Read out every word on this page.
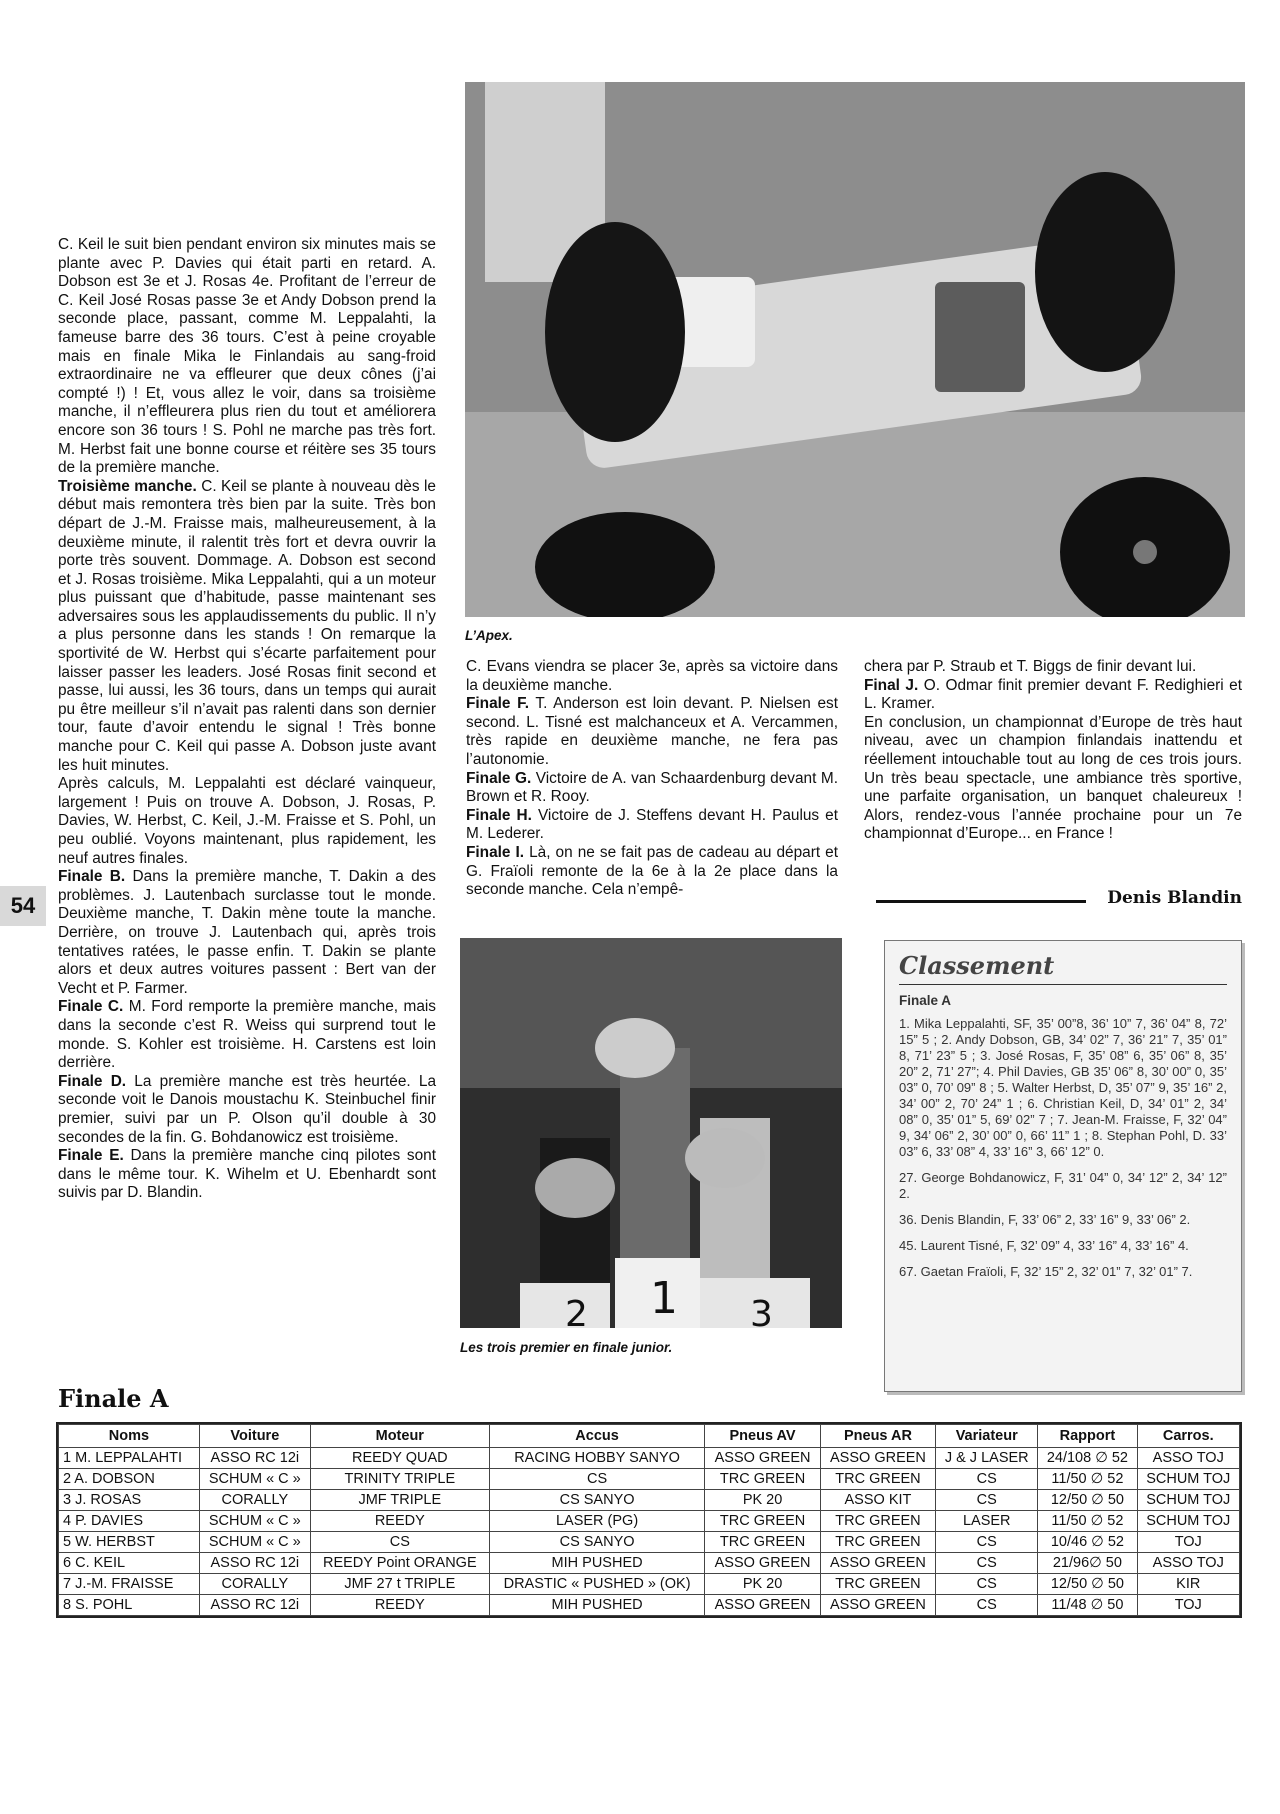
C. Keil le suit bien pendant environ six minutes mais se plante avec P. Davies qui était parti en retard. A. Dobson est 3e et J. Rosas 4e. Profitant de l’erreur de C. Keil José Rosas passe 3e et Andy Dobson prend la seconde place, passant, comme M. Leppalahti, la fameuse barre des 36 tours. C’est à peine croyable mais en finale Mika le Finlandais au sang-froid extraordinaire ne va effleurer que deux cônes (j’ai compté !) ! Et, vous allez le voir, dans sa troisième manche, il n’effleurera plus rien du tout et améliorera encore son 36 tours ! S. Pohl ne marche pas très fort. M. Herbst fait une bonne course et réitère ses 35 tours de la première manche.

Troisième manche. C. Keil se plante à nouveau dès le début mais remontera très bien par la suite. Très bon départ de J.-M. Fraisse mais, malheureusement, à la deuxième minute, il ralentit très fort et devra ouvrir la porte très souvent. Dommage. A. Dobson est second et J. Rosas troisième. Mika Leppalahti, qui a un moteur plus puissant que d’habitude, passe maintenant ses adversaires sous les applaudissements du public. Il n’y a plus personne dans les stands ! On remarque la sportivité de W. Herbst qui s’écarte parfaitement pour laisser passer les leaders. José Rosas finit second et passe, lui aussi, les 36 tours, dans un temps qui aurait pu être meilleur s’il n’avait pas ralenti dans son dernier tour, faute d’avoir entendu le signal ! Très bonne manche pour C. Keil qui passe A. Dobson juste avant les huit minutes.

Après calculs, M. Leppalahti est déclaré vainqueur, largement ! Puis on trouve A. Dobson, J. Rosas, P. Davies, W. Herbst, C. Keil, J.-M. Fraisse et S. Pohl, un peu oublié. Voyons maintenant, plus rapidement, les neuf autres finales.

Finale B. Dans la première manche, T. Dakin a des problèmes. J. Lautenbach surclasse tout le monde. Deuxième manche, T. Dakin mène toute la manche. Derrière, on trouve J. Lautenbach qui, après trois tentatives ratées, le passe enfin. T. Dakin se plante alors et deux autres voitures passent : Bert van der Vecht et P. Farmer.

Finale C. M. Ford remporte la première manche, mais dans la seconde c’est R. Weiss qui surprend tout le monde. S. Kohler est troisième. H. Carstens est loin derrière.

Finale D. La première manche est très heurtée. La seconde voit le Danois moustachu K. Steinbuchel finir premier, suivi par un P. Olson qu’il double à 30 secondes de la fin. G. Bohdanowicz est troisième.

Finale E. Dans la première manche cinq pilotes sont dans le même tour. K. Wihelm et U. Ebenhardt sont suivis par D. Blandin.

L’Apex.
54

C. Evans viendra se placer 3e, après sa victoire dans la deuxième manche.

Finale F. T. Anderson est loin devant. P. Nielsen est second. L. Tisné est malchanceux et A. Vercammen, très rapide en deuxième manche, ne fera pas l’autonomie.

Finale G. Victoire de A. van Schaardenburg devant M. Brown et R. Rooy.

Finale H. Victoire de J. Steffens devant H. Paulus et M. Lederer.

Finale I. Là, on ne se fait pas de cadeau au départ et G. Fraïoli remonte de la 6e à la 2e place dans la seconde manche. Cela n’empê-

chera par P. Straub et T. Biggs de finir devant lui.

Final J. O. Odmar finit premier devant F. Redighieri et L. Kramer.

En conclusion, un championnat d’Europe de très haut niveau, avec un champion finlandais inattendu et réellement intouchable tout au long de ces trois jours. Un très beau spectacle, une ambiance très sportive, une parfaite organisation, un banquet chaleureux ! Alors, rendez-vous l’année prochaine pour un 7e championnat d’Europe... en France !

Denis Blandin
2 1 3
Les trois premier en finale junior.
Classement
Finale A
1. Mika Leppalahti, SF, 35’ 00”8, 36’ 10” 7, 36’ 04” 8, 72’ 15” 5 ; 2. Andy Dobson, GB, 34’ 02” 7, 36’ 21” 7, 35’ 01” 8, 71’ 23” 5 ; 3. José Rosas, F, 35’ 08” 6, 35’ 06” 8, 35’ 20” 2, 71’ 27”; 4. Phil Davies, GB 35’ 06” 8, 30’ 00” 0, 35’ 03” 0, 70’ 09” 8 ; 5. Walter Herbst, D, 35’ 07” 9, 35’ 16” 2, 34’ 00” 2, 70’ 24” 1 ; 6. Christian Keil, D, 34’ 01” 2, 34’ 08” 0, 35’ 01” 5, 69’ 02” 7 ; 7. Jean-M. Fraisse, F, 32’ 04” 9, 34’ 06” 2, 30’ 00” 0, 66’ 11” 1 ; 8. Stephan Pohl, D. 33’ 03” 6, 33’ 08” 4, 33’ 16” 3, 66’ 12” 0.
27. George Bohdanowicz, F, 31’ 04” 0, 34’ 12” 2, 34’ 12” 2.
36. Denis Blandin, F, 33’ 06” 2, 33’ 16” 9, 33’ 06” 2.
45. Laurent Tisné, F, 32’ 09” 4, 33’ 16” 4, 33’ 16” 4.
67. Gaetan Fraïoli, F, 32’ 15” 2, 32’ 01” 7, 32’ 01” 7.
Finale A
Noms	Voiture	Moteur	Accus	Pneus AV	Pneus AR	Variateur	Rapport	Carros.
1 M. LEPPALAHTI	ASSO RC 12i	REEDY QUAD	RACING HOBBY SANYO	ASSO GREEN	ASSO GREEN	J & J LASER	24/108 ∅ 52	ASSO TOJ
2 A. DOBSON	SCHUM « C »	TRINITY TRIPLE	CS	TRC GREEN	TRC GREEN	CS	11/50 ∅ 52	SCHUM TOJ
3 J. ROSAS	CORALLY	JMF TRIPLE	CS SANYO	PK 20	ASSO KIT	CS	12/50 ∅ 50	SCHUM TOJ
4 P. DAVIES	SCHUM « C »	REEDY	LASER (PG)	TRC GREEN	TRC GREEN	LASER	11/50 ∅ 52	SCHUM TOJ
5 W. HERBST	SCHUM « C »	CS	CS SANYO	TRC GREEN	TRC GREEN	CS	10/46 ∅ 52	TOJ
6 C. KEIL	ASSO RC 12i	REEDY Point ORANGE	MIH PUSHED	ASSO GREEN	ASSO GREEN	CS	21/96∅ 50	ASSO TOJ
7 J.-M. FRAISSE	CORALLY	JMF 27 t TRIPLE	DRASTIC « PUSHED » (OK)	PK 20	TRC GREEN	CS	12/50 ∅ 50	KIR
8 S. POHL	ASSO RC 12i	REEDY	MIH PUSHED	ASSO GREEN	ASSO GREEN	CS	11/48 ∅ 50	TOJ
